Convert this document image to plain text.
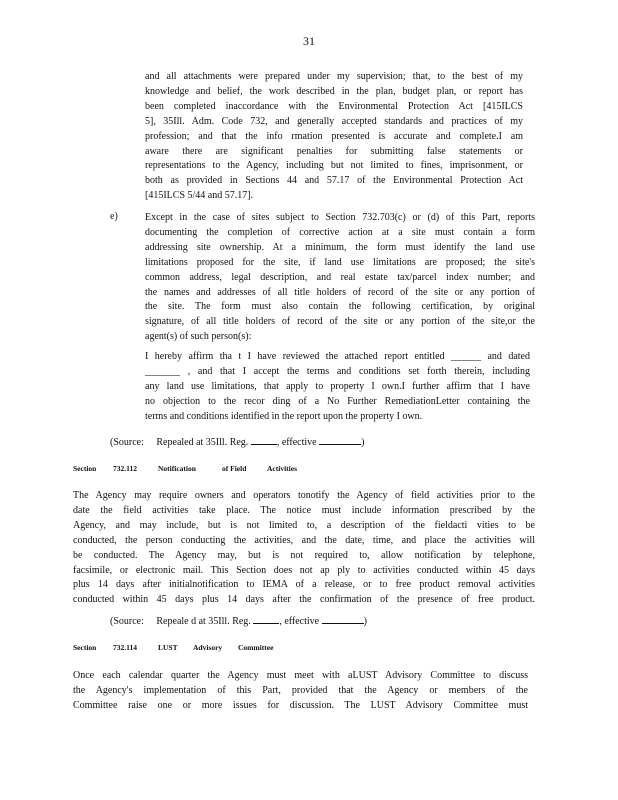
31

and all attachments were prepared under my supervision; that, to the best of my

knowledge and belief, the work described in the plan, budget plan, or report has

been completed inaccordance with the Environmental Protection Act [415ILCS

5], 35Ill. Adm. Code 732, and generally accepted standards and practices of my

profession; and that the info rmation presented is accurate and complete.I am

aware there are significant penalties for submitting false statements or

representations to the Agency, including but not limited to fines, imprisonment, or

both as provided in Sections 44 and 57.17 of the Environmental Protection Act

[415ILCS 5/44 and 57.17].

e)	Except in the case of sites subject to Section 732.703(c) or (d) of this Part, reports

documenting the completion of corrective action at a site must contain a form

addressing site ownership. At a minimum, the form must identify the land use

limitations proposed for the site, if land use limitations are proposed; the site's

common address, legal description, and real estate tax/parcel index number; and

the names and addresses of all title holders of record of the site or any portion of

the site. The form must also contain the following certification, by original

signature, of all title holders of record of the site or any portion of the site,or the

agent(s) of such person(s):

I hereby affirm tha t I have reviewed the attached report entitled ______ and dated

_______ , and that I accept the terms and conditions set forth therein, including

any land use limitations, that apply to property I own.I further affirm that I have

no objection to the recor ding of a No Further RemediationLetter containing the

terms and conditions identified in the report upon the property I own.

(Source: Repealed at 35Ill. Reg.	, effective	)
Section 732.112	Notification	of Field	Activities

The Agency may require owners and operators tonotify the Agency of field activities prior to the

date the field activities take place. The notice must include information prescribed by the

Agency, and may include, but is not limited to, a description of the fieldacti vities to be

conducted, the person conducting the activities, and the date, time, and place the activities will

be conducted. The Agency may, but is not required to, allow notification by telephone,

facsimile, or electronic mail. This Section does not ap ply to activities conducted within 45 days

plus 14 days after initialnotification to IEMA of a release, or to free product removal activities

conducted within 45 days plus 14 days after the confirmation of the presence of free product.

(Source: Repeale d at 35Ill. Reg.	, effective	)
Section 732.114	LUST Advisory Committee

Once each calendar quarter the Agency must meet with aLUST Advisory Committee to discuss

the Agency's implementation of this Part, provided that the Agency or members of the

Committee raise one or more issues for discussion. The LUST Advisory Committee must
